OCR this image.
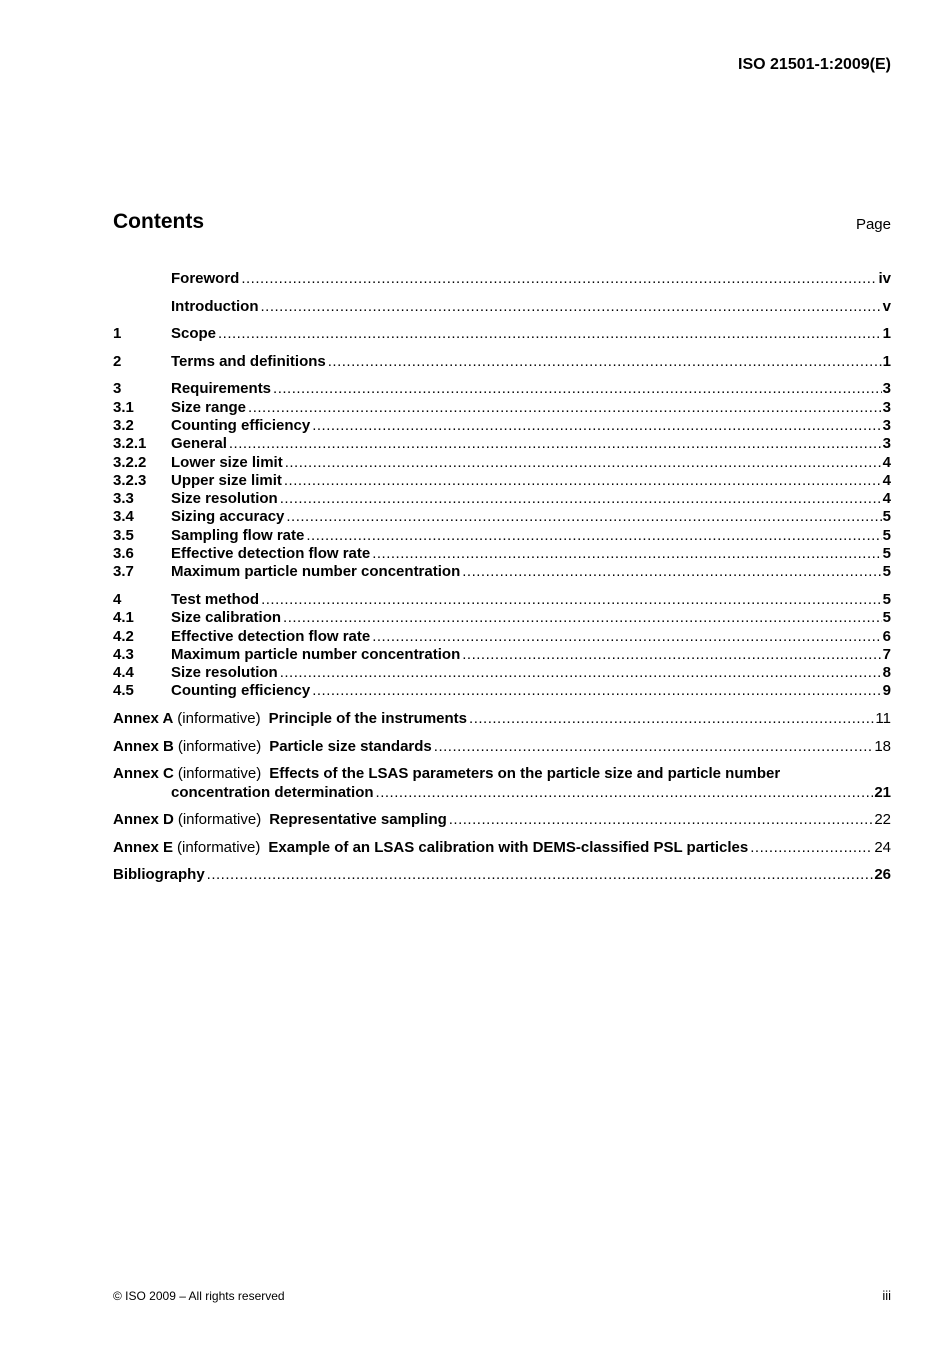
ISO 21501-1:2009(E)
Contents	Page
Foreword .....	iv
Introduction .....	v
1	Scope .....	1
2	Terms and definitions .....	1
3	Requirements .....	3
3.1	Size range .....	3
3.2	Counting efficiency .....	3
3.2.1	General .....	3
3.2.2	Lower size limit .....	4
3.2.3	Upper size limit .....	4
3.3	Size resolution .....	4
3.4	Sizing accuracy .....	5
3.5	Sampling flow rate .....	5
3.6	Effective detection flow rate .....	5
3.7	Maximum particle number concentration .....	5
4	Test method .....	5
4.1	Size calibration .....	5
4.2	Effective detection flow rate .....	6
4.3	Maximum particle number concentration .....	7
4.4	Size resolution .....	8
4.5	Counting efficiency .....	9
Annex A (informative) Principle of the instruments .....	11
Annex B (informative) Particle size standards .....	18
Annex C (informative) Effects of the LSAS parameters on the particle size and particle number
concentration determination .....	21
Annex D (informative) Representative sampling .....	22
Annex E (informative) Example of an LSAS calibration with DEMS-classified PSL particles .....	24
Bibliography .....	26
© ISO 2009 – All rights reserved	iii
